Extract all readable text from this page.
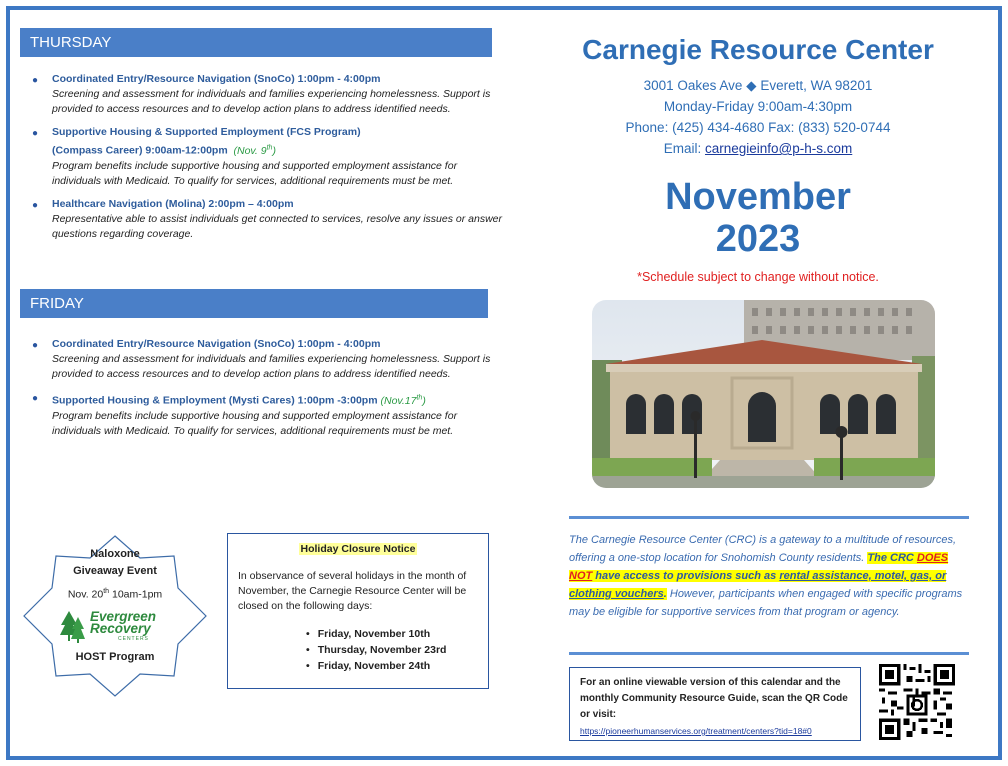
THURSDAY
● Coordinated Entry/Resource Navigation (SnoCo) 1:00pm - 4:00pm
Screening and assessment for individuals and families experiencing homelessness. Support is provided to access resources and to develop action plans to address identified needs.
● Supportive Housing & Supported Employment (FCS Program)
(Compass Career) 9:00am-12:00pm (Nov. 9th)
Program benefits include supportive housing and supported employment assistance for individuals with Medicaid. To qualify for services, additional requirements must be met.
● Healthcare Navigation (Molina) 2:00pm – 4:00pm
Representative able to assist individuals get connected to services, resolve any issues or answer questions regarding coverage.
FRIDAY
● Coordinated Entry/Resource Navigation (SnoCo) 1:00pm - 4:00pm
Screening and assessment for individuals and families experiencing homelessness. Support is provided to access resources and to develop action plans to address identified needs.
● Supported Housing & Employment (Mysti Cares) 1:00pm -3:00pm (Nov.17th)
Program benefits include supportive housing and supported employment assistance for individuals with Medicaid. To qualify for services, additional requirements must be met.
Carnegie Resource Center
3001 Oakes Ave ◆ Everett, WA 98201
Monday-Friday 9:00am-4:30pm
Phone: (425) 434-4680 Fax: (833) 520-0744
Email: carnegieinfo@p-h-s.com
November
2023
*Schedule subject to change without notice.
The Carnegie Resource Center (CRC) is a gateway to a multitude of resources, offering a one-stop location for Snohomish County residents. The CRC DOES NOT have access to provisions such as rental assistance, motel, gas, or clothing vouchers. However, participants when engaged with specific programs may be eligible for supportive services from that program or agency.
For an online viewable version of this calendar and the monthly Community Resource Guide, scan the QR Code or visit:
https://pioneerhumanservices.org/treatment/centers?tid=18#0
Naloxone
Giveaway Event
Nov. 20th 10am-1pm
Evergreen
Recovery
CENTERS
HOST Program
Holiday Closure Notice
In observance of several holidays in the month of November, the Carnegie Resource Center will be closed on the following days:
• Friday, November 10th
• Thursday, November 23rd
• Friday, November 24th
